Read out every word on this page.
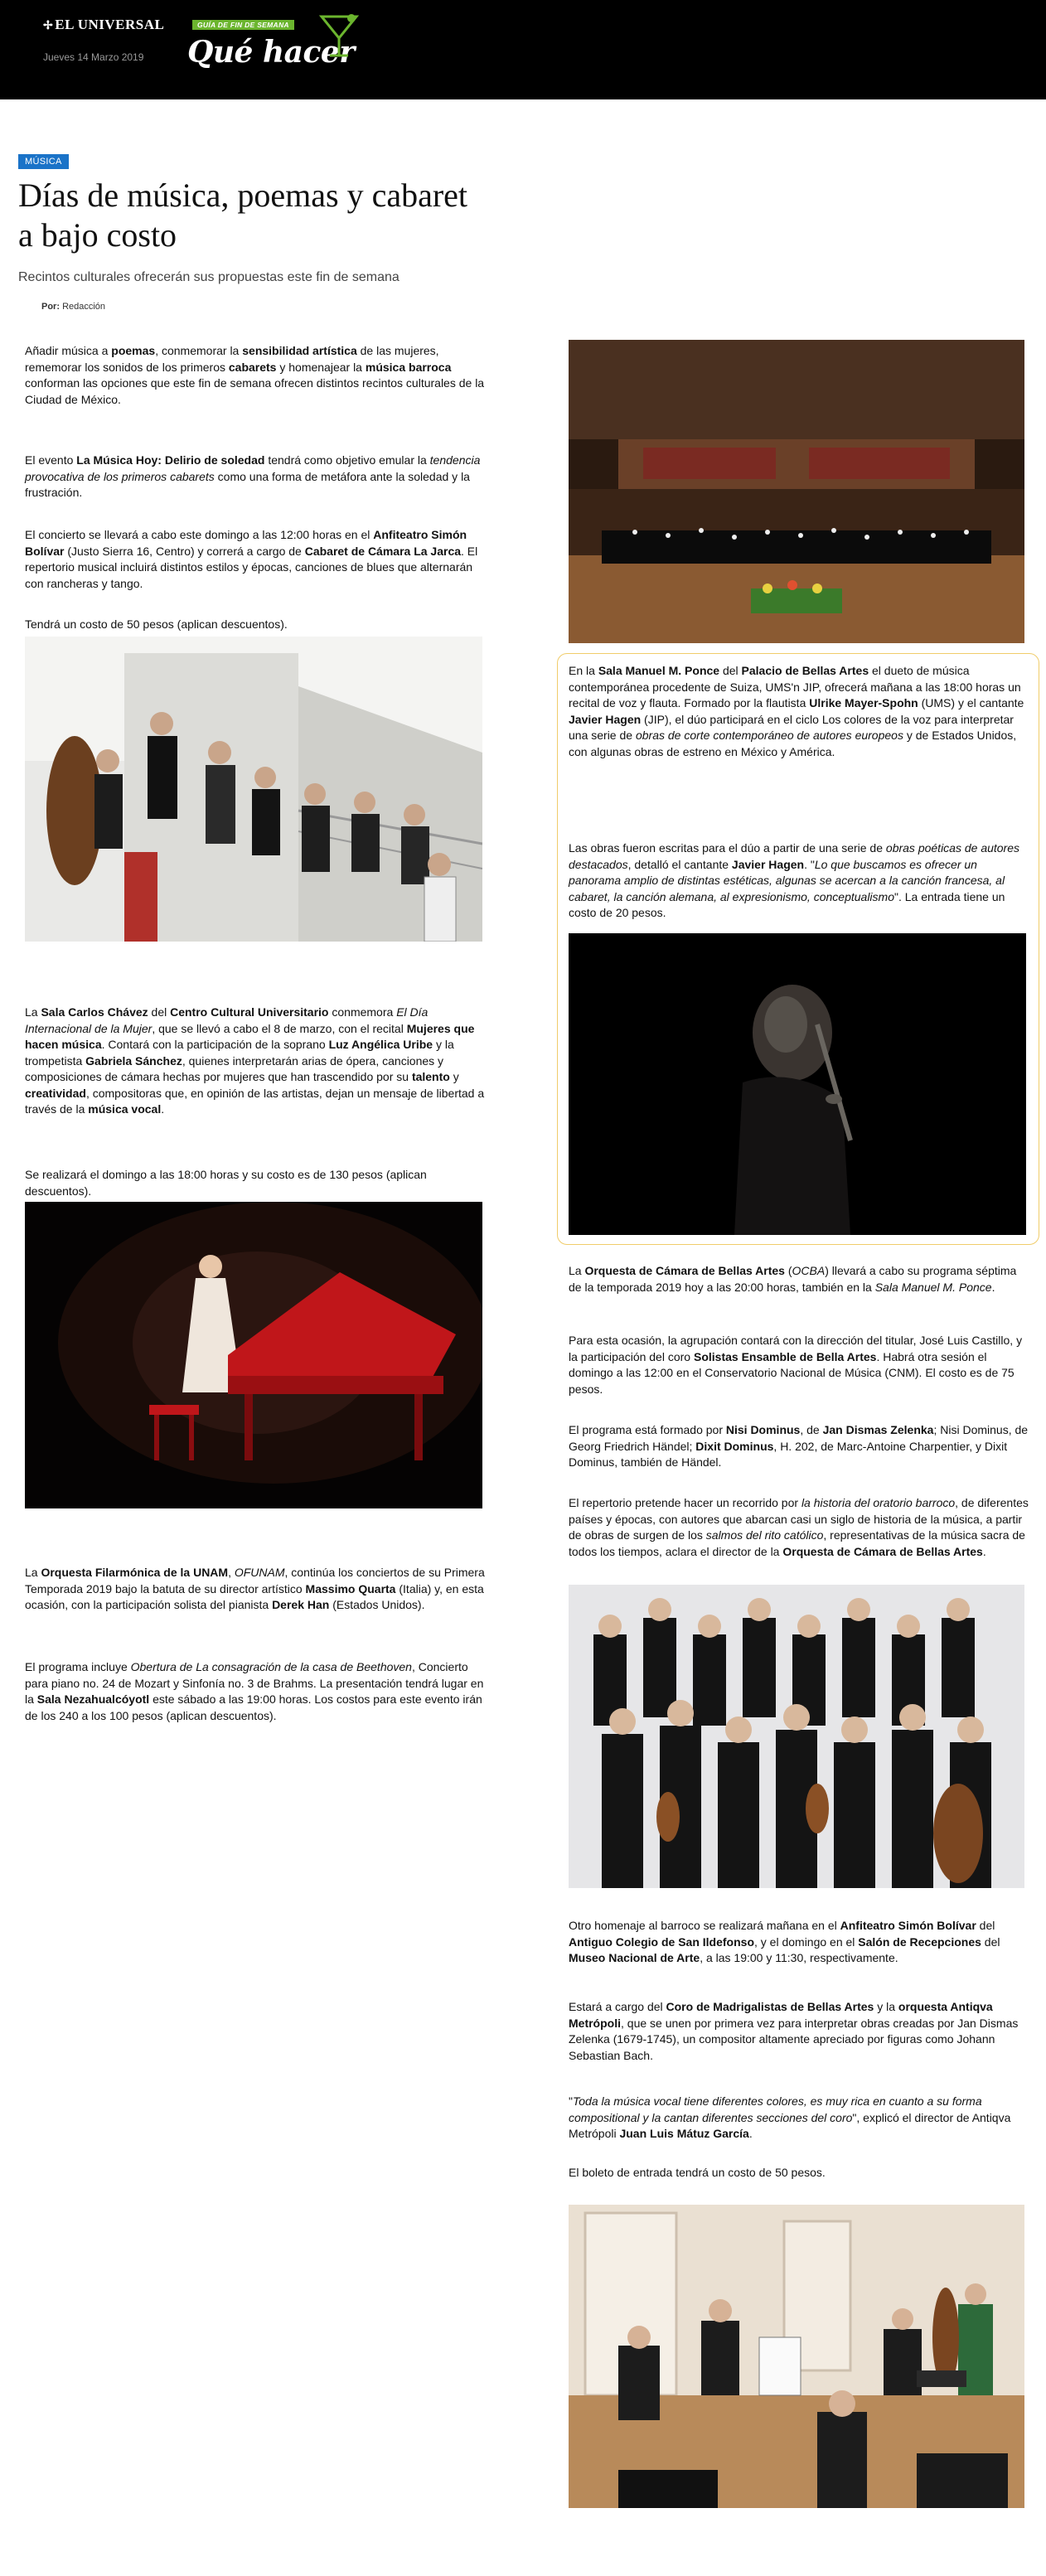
✢ EL UNIVERSAL
Jueves 14 Marzo 2019
GUÍA DE FIN DE SEMANA
Qué hacer
MÚSICA
Días de música, poemas y cabaret a bajo costo
Recintos culturales ofrecerán sus propuestas este fin de semana
Por: Redacción

Añadir música a poemas, conmemorar la sensibilidad artística de las mujeres, rememorar los sonidos de los primeros cabarets y homenajear la música barroca conforman las opciones que este fin de semana ofrecen distintos recintos culturales de la Ciudad de México.

El evento La Música Hoy: Delirio de soledad tendrá como objetivo emular la tendencia provocativa de los primeros cabarets como una forma de metáfora ante la soledad y la frustración.

El concierto se llevará a cabo este domingo a las 12:00 horas en el Anfiteatro Simón Bolívar (Justo Sierra 16, Centro) y correrá a cargo de Cabaret de Cámara La Jarca. El repertorio musical incluirá distintos estilos y épocas, canciones de blues que alternarán con rancheras y tango.

Tendrá un costo de 50 pesos (aplican descuentos).

La Sala Carlos Chávez del Centro Cultural Universitario conmemora El Día Internacional de la Mujer, que se llevó a cabo el 8 de marzo, con el recital Mujeres que hacen música. Contará con la participación de la soprano Luz Angélica Uribe y la trompetista Gabriela Sánchez, quienes interpretarán arias de ópera, canciones y composiciones de cámara hechas por mujeres que han trascendido por su talento y creatividad, compositoras que, en opinión de las artistas, dejan un mensaje de libertad a través de la música vocal.

Se realizará el domingo a las 18:00 horas y su costo es de 130 pesos (aplican descuentos).

La Orquesta Filarmónica de la UNAM, OFUNAM, continúa los conciertos de su Primera Temporada 2019 bajo la batuta de su director artístico Massimo Quarta (Italia) y, en esta ocasión, con la participación solista del pianista Derek Han (Estados Unidos).

El programa incluye Obertura de La consagración de la casa de Beethoven, Concierto para piano no. 24 de Mozart y Sinfonía no. 3 de Brahms. La presentación tendrá lugar en la Sala Nezahualcóyotl este sábado a las 19:00 horas. Los costos para este evento irán de los 240 a los 100 pesos (aplican descuentos).

En la Sala Manuel M. Ponce del Palacio de Bellas Artes el dueto de música contemporánea procedente de Suiza, UMS'n JIP, ofrecerá mañana a las 18:00 horas un recital de voz y flauta. Formado por la flautista Ulrike Mayer-Spohn (UMS) y el cantante Javier Hagen (JIP), el dúo participará en el ciclo Los colores de la voz para interpretar una serie de obras de corte contemporáneo de autores europeos y de Estados Unidos, con algunas obras de estreno en México y América.

Las obras fueron escritas para el dúo a partir de una serie de obras poéticas de autores destacados, detalló el cantante Javier Hagen. "Lo que buscamos es ofrecer un panorama amplio de distintas estéticas, algunas se acercan a la canción francesa, al cabaret, la canción alemana, al expresionismo, conceptualismo". La entrada tiene un costo de 20 pesos.

La Orquesta de Cámara de Bellas Artes (OCBA) llevará a cabo su programa séptima de la temporada 2019 hoy a las 20:00 horas, también en la Sala Manuel M. Ponce.

Para esta ocasión, la agrupación contará con la dirección del titular, José Luis Castillo, y la participación del coro Solistas Ensamble de Bella Artes. Habrá otra sesión el domingo a las 12:00 en el Conservatorio Nacional de Música (CNM). El costo es de 75 pesos.

El programa está formado por Nisi Dominus, de Jan Dismas Zelenka; Nisi Dominus, de Georg Friedrich Händel; Dixit Dominus, H. 202, de Marc-Antoine Charpentier, y Dixit Dominus, también de Händel.

El repertorio pretende hacer un recorrido por la historia del oratorio barroco, de diferentes países y épocas, con autores que abarcan casi un siglo de historia de la música, a partir de obras de surgen de los salmos del rito católico, representativas de la música sacra de todos los tiempos, aclara el director de la Orquesta de Cámara de Bellas Artes.

Otro homenaje al barroco se realizará mañana en el Anfiteatro Simón Bolívar del Antiguo Colegio de San Ildefonso, y el domingo en el Salón de Recepciones del Museo Nacional de Arte, a las 19:00 y 11:30, respectivamente.

Estará a cargo del Coro de Madrigalistas de Bellas Artes y la orquesta Antiqva Metrópoli, que se unen por primera vez para interpretar obras creadas por Jan Dismas Zelenka (1679-1745), un compositor altamente apreciado por figuras como Johann Sebastian Bach.

"Toda la música vocal tiene diferentes colores, es muy rica en cuanto a su forma compositional y la cantan diferentes secciones del coro", explicó el director de Antiqva Metrópoli Juan Luis Mátuz García.

El boleto de entrada tendrá un costo de 50 pesos.
